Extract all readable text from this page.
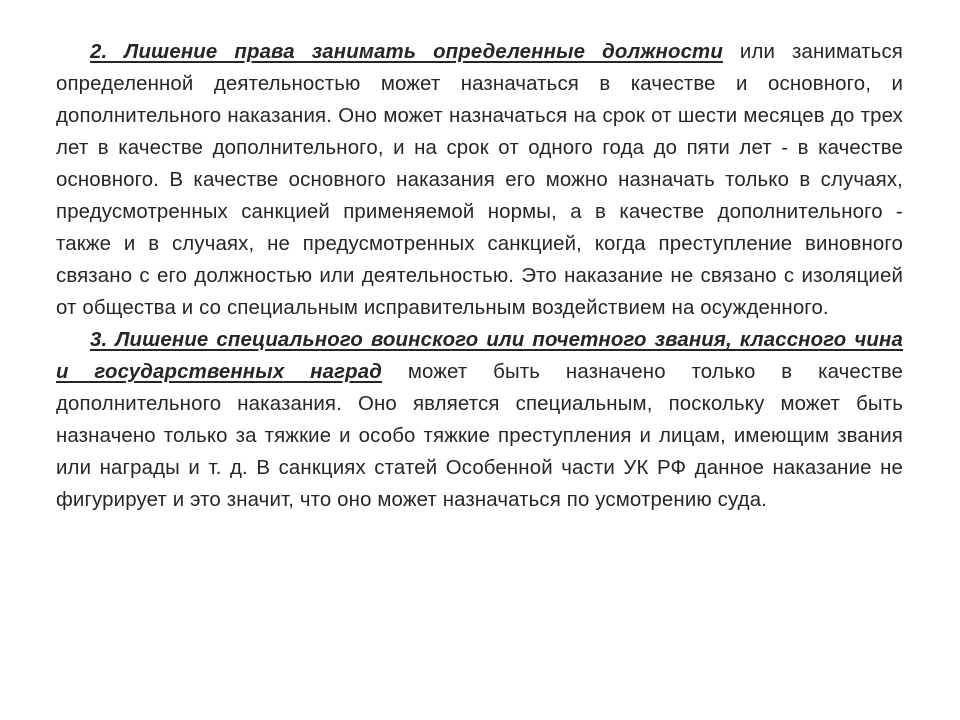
2. Лишение права занимать определенные должности или заниматься определенной деятельностью может назначаться в качестве и основного, и дополнительного наказания. Оно может назначаться на срок от шести месяцев до трех лет в качестве дополнительного, и на срок от одного года до пяти лет - в качестве основного. В качестве основного наказания его можно назначать только в случаях, предусмотренных санкцией применяемой нормы, а в качестве дополнительного - также и в случаях, не предусмотренных санкцией, когда преступление виновного связано с его должностью или деятельностью. Это наказание не связано с изоляцией от общества и со специальным исправительным воздействием на осужденного.

3. Лишение специального воинского или почетного звания, классного чина и государственных наград может быть назначено только в качестве дополнительного наказания. Оно является специальным, поскольку может быть назначено только за тяжкие и особо тяжкие преступления и лицам, имеющим звания или награды и т. д. В санкциях статей Особенной части УК РФ данное наказание не фигурирует и это значит, что оно может назначаться по усмотрению суда.
